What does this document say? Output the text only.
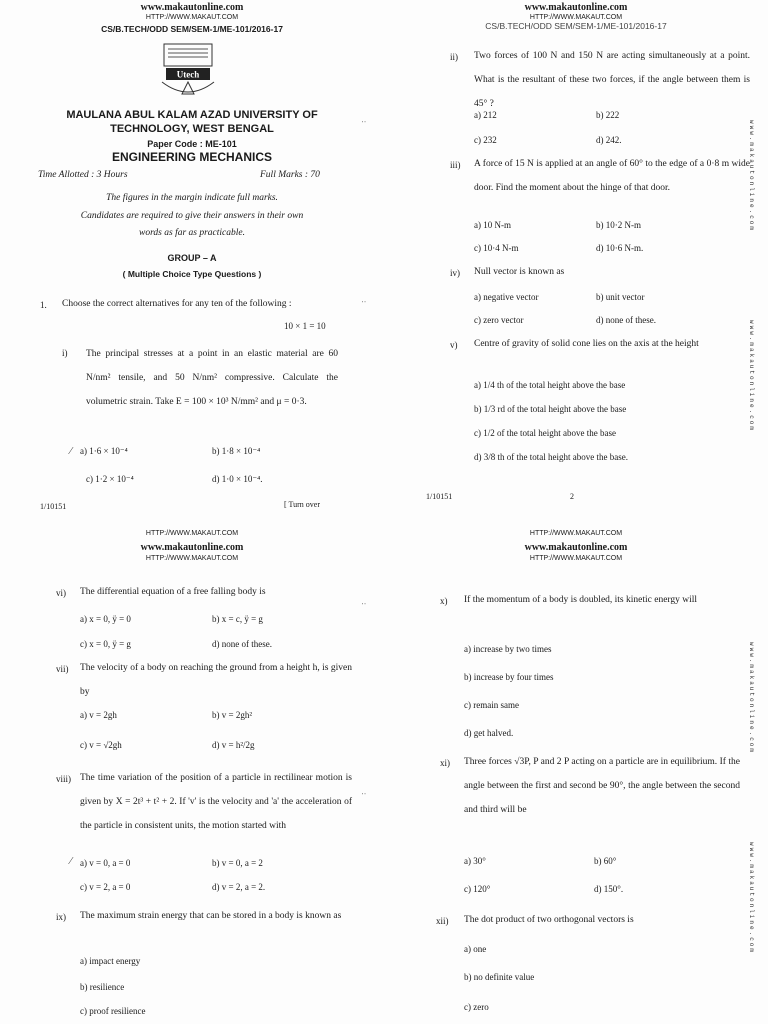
www.makautonline.com
HTTP://WWW.MAKAUT.COM
CS/B.TECH/ODD SEM/SEM-1/ME-101/2016-17
Utech
MAULANA ABUL KALAM AZAD UNIVERSITY OF
TECHNOLOGY, WEST BENGAL
Paper Code : ME-101
ENGINEERING MECHANICS
Time Allotted : 3 Hours	Full Marks : 70
The figures in the margin indicate full marks.
Candidates are required to give their answers in their own
words as far as practicable.
GROUP – A
( Multiple Choice Type Questions )
1. Choose the correct alternatives for any ten of the following :
10 × 1 = 10
i) The principal stresses at a point in an elastic material are 60 N/nm² tensile, and 50 N/nm² compressive. Calculate the volumetric strain. Take E = 100 × 10³ N/mm² and μ = 0·3.
a) 1·6 × 10⁻⁴	b) 1·8 × 10⁻⁴
c) 1·2 × 10⁻⁴	d) 1·0 × 10⁻⁴.
⁄
1/10151	[ Turn over
:
:
www.makautonline.com
HTTP://WWW.MAKAUT.COM
CS/B.TECH/ODD SEM/SEM-1/ME-101/2016-17
ii) Two forces of 100 N and 150 N are acting simultaneously at a point. What is the resultant of these two forces, if the angle between them is 45° ?
a) 212	b) 222
c) 232	d) 242.
iii) A force of 15 N is applied at an angle of 60° to the edge of a 0·8 m wide door. Find the moment about the hinge of that door.
a) 10 N-m	b) 10·2 N-m
c) 10·4 N-m	d) 10·6 N-m.
iv) Null vector is known as
a) negative vector	b) unit vector
c) zero vector	d) none of these.
v) Centre of gravity of solid cone lies on the axis at the height
a) 1/4 th of the total height above the base
b) 1/3 rd of the total height above the base
c) 1/2 of the total height above the base
d) 3/8 th of the total height above the base.
1/10151	2
www.makautonline.com
www.makautonline.com
HTTP://WWW.MAKAUT.COM
www.makautonline.com
HTTP://WWW.MAKAUT.COM
vi) The differential equation of a free falling body is
a) x = 0, ÿ = 0	b) x = c, ÿ = g
c) x = 0, ÿ = g	d) none of these.
vii) The velocity of a body on reaching the ground from a height h, is given by
a) v = 2gh	b) v = 2gh²
c) v = √2gh	d) v = h²/2g
viii) The time variation of the position of a particle in rectilinear motion is given by X = 2t³ + t² + 2. If 'v' is the velocity and 'a' the acceleration of the particle in consistent units, the motion started with
a) v = 0, a = 0	b) v = 0, a = 2
c) v = 2, a = 0	d) v = 2, a = 2.
⁄
ix) The maximum strain energy that can be stored in a body is known as
a) impact energy
b) resilience
c) proof resilience
:
:
HTTP://WWW.MAKAUT.COM
www.makautonline.com
HTTP://WWW.MAKAUT.COM
x) If the momentum of a body is doubled, its kinetic energy will
a) increase by two times
b) increase by four times
c) remain same
d) get halved.
xi) Three forces √3P, P and 2 P acting on a particle are in equilibrium. If the angle between the first and second be 90°, the angle between the second and third will be
a) 30°	b) 60°
c) 120°	d) 150°.
xii) The dot product of two orthogonal vectors is
a) one
b) no definite value
c) zero
www.makautonline.com
www.makautonline.com
